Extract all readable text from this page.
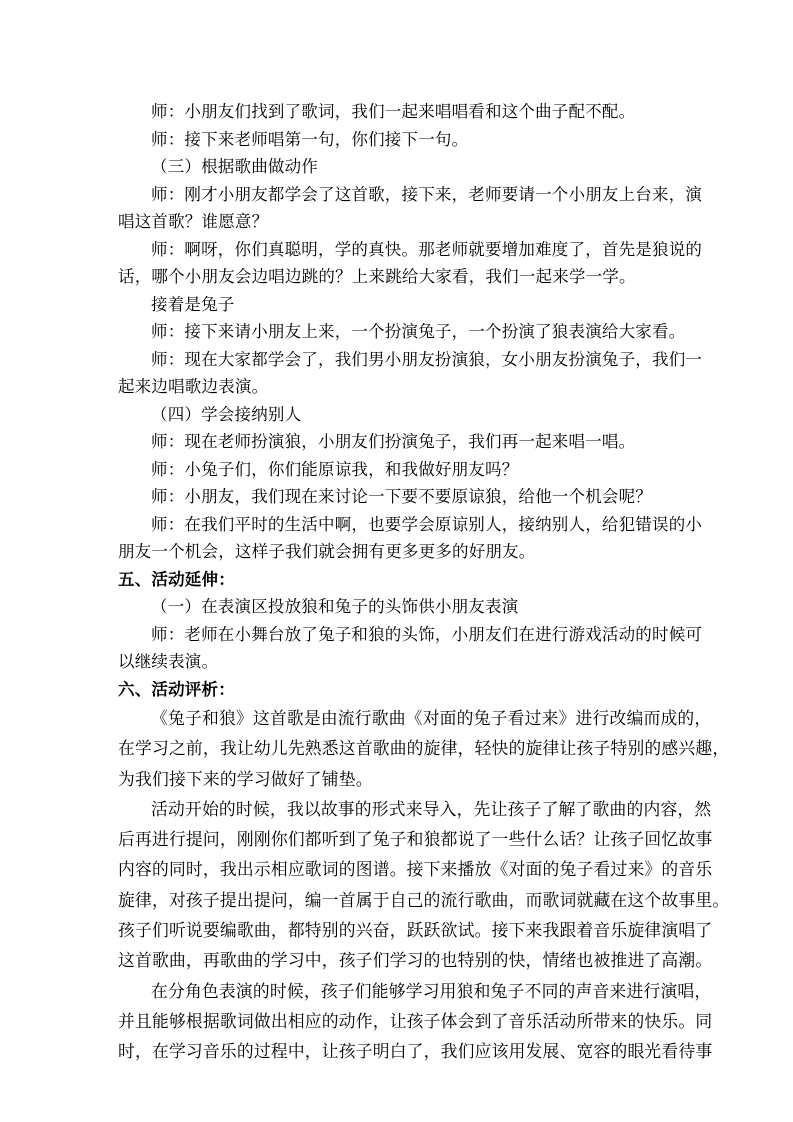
师：小朋友们找到了歌词，我们一起来唱唱看和这个曲子配不配。
师：接下来老师唱第一句，你们接下一句。
（三）根据歌曲做动作
师：刚才小朋友都学会了这首歌，接下来，老师要请一个小朋友上台来，演
唱这首歌？谁愿意？
师：啊呀，你们真聪明，学的真快。那老师就要增加难度了，首先是狼说的
话，哪个小朋友会边唱边跳的？上来跳给大家看，我们一起来学一学。
接着是兔子
师：接下来请小朋友上来，一个扮演兔子，一个扮演了狼表演给大家看。
师：现在大家都学会了，我们男小朋友扮演狼，女小朋友扮演兔子，我们一
起来边唱歌边表演。
（四）学会接纳别人
师：现在老师扮演狼，小朋友们扮演兔子，我们再一起来唱一唱。
师：小兔子们，你们能原谅我，和我做好朋友吗？
师：小朋友，我们现在来讨论一下要不要原谅狼，给他一个机会呢？
师：在我们平时的生活中啊，也要学会原谅别人，接纳别人，给犯错误的小
朋友一个机会，这样子我们就会拥有更多更多的好朋友。
五、活动延伸：
（一）在表演区投放狼和兔子的头饰供小朋友表演
师：老师在小舞台放了兔子和狼的头饰，小朋友们在进行游戏活动的时候可
以继续表演。
六、活动评析：
《兔子和狼》这首歌是由流行歌曲《对面的兔子看过来》进行改编而成的，
在学习之前，我让幼儿先熟悉这首歌曲的旋律，轻快的旋律让孩子特别的感兴趣，
为我们接下来的学习做好了铺垫。
活动开始的时候，我以故事的形式来导入，先让孩子了解了歌曲的内容，然
后再进行提问，刚刚你们都听到了兔子和狼都说了一些什么话？让孩子回忆故事
内容的同时，我出示相应歌词的图谱。接下来播放《对面的兔子看过来》的音乐
旋律，对孩子提出提问，编一首属于自己的流行歌曲，而歌词就藏在这个故事里。
孩子们听说要编歌曲，都特别的兴奋，跃跃欲试。接下来我跟着音乐旋律演唱了
这首歌曲，再歌曲的学习中，孩子们学习的也特别的快，情绪也被推进了高潮。
在分角色表演的时候，孩子们能够学习用狼和兔子不同的声音来进行演唱，
并且能够根据歌词做出相应的动作，让孩子体会到了音乐活动所带来的快乐。同
时，在学习音乐的过程中，让孩子明白了，我们应该用发展、宽容的眼光看待事
